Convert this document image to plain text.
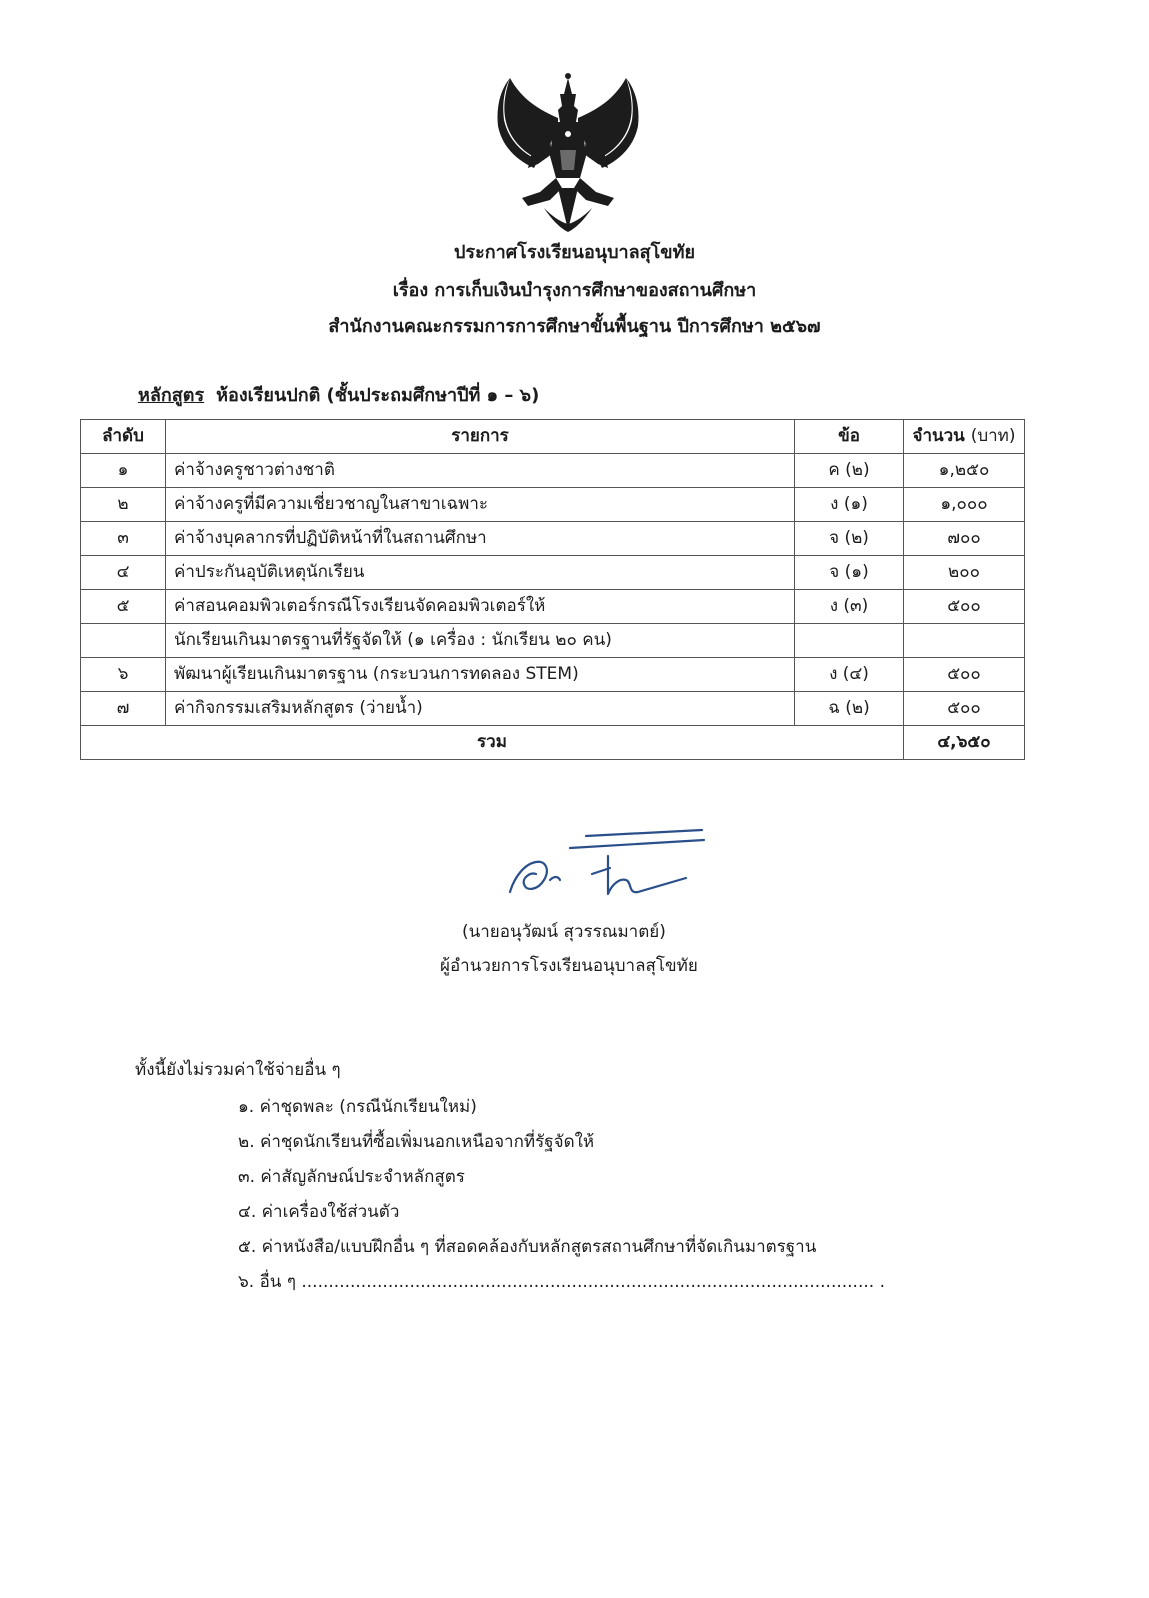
ประกาศโรงเรียนอนุบาลสุโขทัย
เรื่อง การเก็บเงินบำรุงการศึกษาของสถานศึกษา
สำนักงานคณะกรรมการการศึกษาขั้นพื้นฐาน ปีการศึกษา ๒๕๖๗
หลักสูตร ห้องเรียนปกติ (ชั้นประถมศึกษาปีที่ ๑ – ๖)
ลำดับ	รายการ	ข้อ	จำนวน (บาท)
๑	ค่าจ้างครูชาวต่างชาติ	ค (๒)	๑,๒๕๐
๒	ค่าจ้างครูที่มีความเชี่ยวชาญในสาขาเฉพาะ	ง (๑)	๑,๐๐๐
๓	ค่าจ้างบุคลากรที่ปฏิบัติหน้าที่ในสถานศึกษา	จ (๒)	๗๐๐
๔	ค่าประกันอุบัติเหตุนักเรียน	จ (๑)	๒๐๐
๕	ค่าสอนคอมพิวเตอร์กรณีโรงเรียนจัดคอมพิวเตอร์ให้	ง (๓)	๕๐๐
	นักเรียนเกินมาตรฐานที่รัฐจัดให้ (๑ เครื่อง : นักเรียน ๒๐ คน)		
๖	พัฒนาผู้เรียนเกินมาตรฐาน (กระบวนการทดลอง STEM)	ง (๔)	๕๐๐
๗	ค่ากิจกรรมเสริมหลักสูตร (ว่ายน้ำ)	ฉ (๒)	๕๐๐
รวม			๔,๖๕๐
(นายอนุวัฒน์ สุวรรณมาตย์)
ผู้อำนวยการโรงเรียนอนุบาลสุโขทัย
ทั้งนี้ยังไม่รวมค่าใช้จ่ายอื่น ๆ
๑. ค่าชุดพละ (กรณีนักเรียนใหม่)
๒. ค่าชุดนักเรียนที่ซื้อเพิ่มนอกเหนือจากที่รัฐจัดให้
๓. ค่าสัญลักษณ์ประจำหลักสูตร
๔. ค่าเครื่องใช้ส่วนตัว
๕. ค่าหนังสือ/แบบฝึกอื่น ๆ ที่สอดคล้องกับหลักสูตรสถานศึกษาที่จัดเกินมาตรฐาน
๖. อื่น ๆ .......................................................................................................... .
